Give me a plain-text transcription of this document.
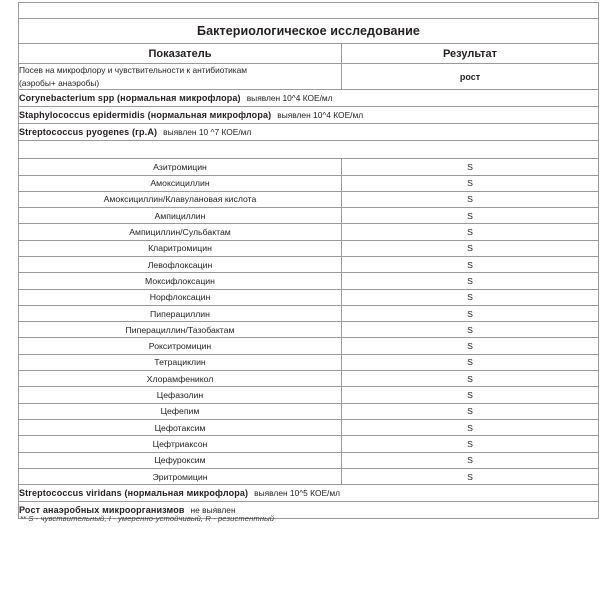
Бактериологическое исследование	
Показатель	Результат

Посев на микрофлору и чувствительности к антибиотикам
(аэробы+ анаэробы)	рост
Corynebacterium spp (нормальная микрофлора) выявлен 10^4 КОЕ/мл	
Staphylococcus epidermidis (нормальная микрофлора) выявлен 10^4 КОЕ/мл	
Streptococcus pyogenes (гр.А) выявлен 10 ^7 КОЕ/мл	

Азитромицин	S
Амоксициллин	S
Амоксициллин/Клавулановая кислота	S
Ампициллин	S
Ампициллин/Сульбактам	S
Кларитромицин	S
Левофлоксацин	S
Моксифлоксацин	S
Норфлоксацин	S
Пиперациллин	S
Пиперациллин/Тазобактам	S
Рокситромицин	S
Тетрациклин	S
Хлорамфеникол	S
Цефазолин	S
Цефепим	S
Цефотаксим	S
Цефтриаксон	S
Цефуроксим	S
Эритромицин	S
Streptococcus viridans (нормальная микрофлора) выявлен 10^5 КОЕ/мл	
Рост анаэробных микроорганизмов не выявлен	
** S - чувствительный, I - умеренно-устойчивый, R - резистентный
